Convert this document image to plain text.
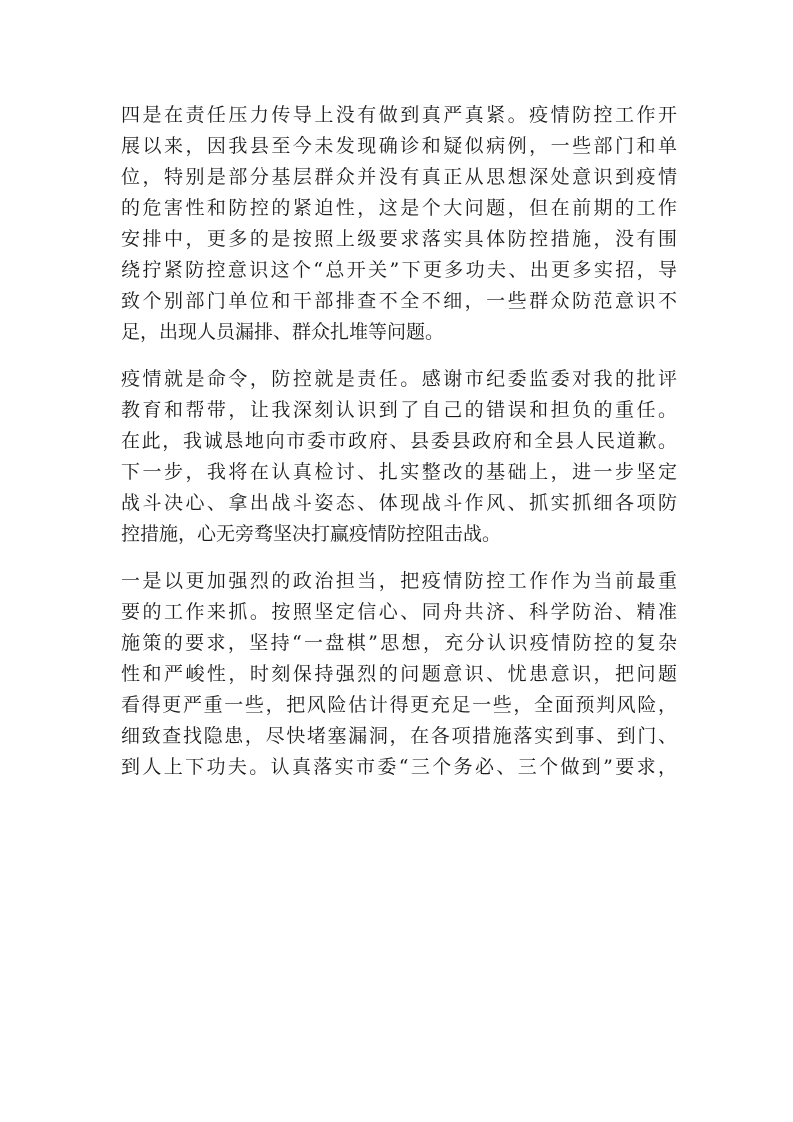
四是在责任压力传导上没有做到真严真紧。疫情防控工作开
展以来，因我县至今未发现确诊和疑似病例，一些部门和单
位，特别是部分基层群众并没有真正从思想深处意识到疫情
的危害性和防控的紧迫性，这是个大问题，但在前期的工作
安排中，更多的是按照上级要求落实具体防控措施，没有围
绕拧紧防控意识这个“总开关”下更多功夫、出更多实招，导
致个别部门单位和干部排查不全不细，一些群众防范意识不
足，出现人员漏排、群众扎堆等问题。
疫情就是命令，防控就是责任。感谢市纪委监委对我的批评
教育和帮带，让我深刻认识到了自己的错误和担负的重任。
在此，我诚恳地向市委市政府、县委县政府和全县人民道歉。
下一步，我将在认真检讨、扎实整改的基础上，进一步坚定
战斗决心、拿出战斗姿态、体现战斗作风、抓实抓细各项防
控措施，心无旁骛坚决打赢疫情防控阻击战。
一是以更加强烈的政治担当，把疫情防控工作作为当前最重
要的工作来抓。按照坚定信心、同舟共济、科学防治、精准
施策的要求，坚持“一盘棋”思想，充分认识疫情防控的复杂
性和严峻性，时刻保持强烈的问题意识、忧患意识，把问题
看得更严重一些，把风险估计得更充足一些，全面预判风险，
细致查找隐患，尽快堵塞漏洞，在各项措施落实到事、到门、
到人上下功夫。认真落实市委“三个务必、三个做到”要求，
